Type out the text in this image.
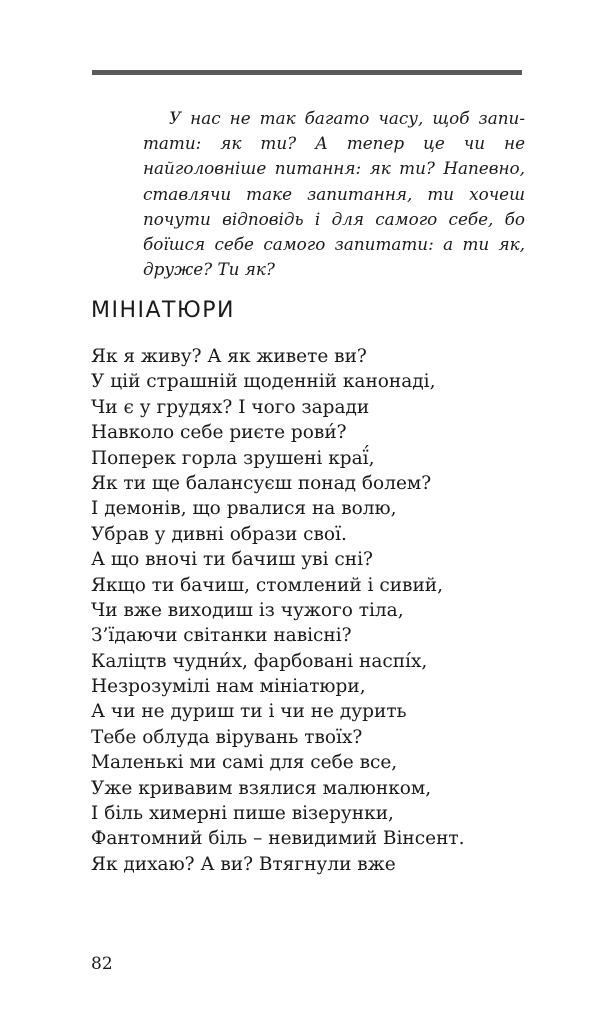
У нас не так багато часу, щоб запитати: як ти? А тепер це чи не найголовніше питання: як ти? Напевно, ставлячи таке запитання, ти хочеш почути відповідь і для самого себе, бо боїшся себе самого запитати: а ти як, друже? Ти як?

МІНІАТЮРИ
Як я живу? А як живете ви?
У цій страшній щоденній канонаді,
Чи є у грудях? І чого заради
Навколо себе риєте рови́?
Поперек горла зрушені краї́,
Як ти ще балансуєш понад болем?
І демонів, що рвалися на волю,
Убрав у дивні образи свої.
А що вночі ти бачиш уві сні?
Якщо ти бачиш, стомлений і сивий,
Чи вже виходиш із чужого тіла,
З’їдаючи світанки навісні?
Каліцтв чудни́х, фарбовані наспі́х,
Незрозумілі нам мініатюри,
А чи не дуриш ти і чи не дурить
Тебе облуда вірувань твоїх?
Маленькі ми самі для себе все,
Уже кривавим взялися малюнком,
І біль химерні пише візерунки,
Фантомний біль – невидимий Вінсент.
Як дихаю? А ви? Втягнули вже

82
